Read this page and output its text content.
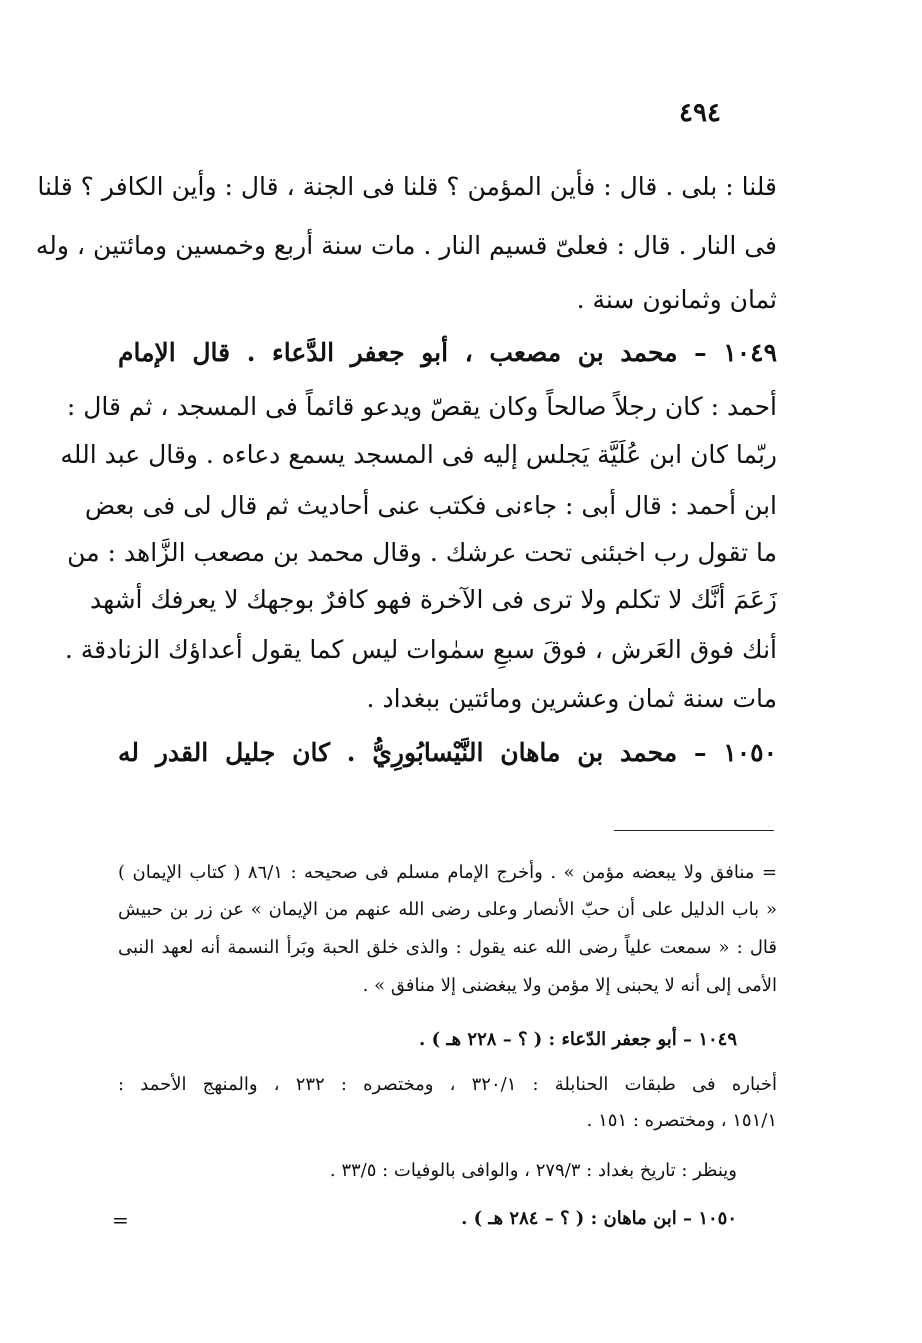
٤٩٤
قلنا : بلى . قال : فأين المؤمن ؟ قلنا فى الجنة ، قال : وأين الكافر ؟ قلنا
فى النار . قال : فعلىّ قسيم النار . مات سنة أربع وخمسين ومائتين ، وله
ثمان وثمانون سنة .
١٠٤٩ – محمد بن مصعب ، أبو جعفر الدَّعاء . قال الإمام
أحمد : كان رجلاً صالحاً وكان يقصّ ويدعو قائماً فى المسجد ، ثم قال :
ربّما كان ابن عُلَيَّة يَجلس إليه فى المسجد يسمع دعاءه . وقال عبد الله
ابن أحمد : قال أبى : جاءنى فكتب عنى أحاديث ثم قال لى فى بعض
ما تقول رب اخبئنى تحت عرشك . وقال محمد بن مصعب الزَّاهد : من
زَعَمَ أنَّك لا تكلم ولا ترى فى الآخرة فهو كافرٌ بوجهك لا يعرفك أشهد
أنك فوق العَرش ، فوقَ سبعِ سمٰوات ليس كما يقول أعداؤك الزنادقة .
مات سنة ثمان وعشرين ومائتين ببغداد .
١٠٥٠ – محمد بن ماهان النَّيْسابُورِيُّ . كان جليل القدر له
= منافق ولا يبعضه مؤمن » . وأخرج الإمام مسلم فى صحيحه : ٨٦/١ ( كتاب الإيمان )
« باب الدليل على أن حبّ الأنصار وعلى رضى الله عنهم من الإيمان » عن زر بن حبيش
قال : « سمعت علياً رضى الله عنه يقول : والذى خلق الحبة وبَرأ النسمة أنه لعهد النبى
الأمى إلى أنه لا يحبنى إلا مؤمن ولا يبغضنى إلا منافق » .
١٠٤٩ – أبو جعفر الدّعاء : ( ؟ – ٢٢٨ هـ ) .
أخباره فى طبقات الحنابلة : ٣٢٠/١ ، ومختصره : ٢٣٢ ، والمنهج الأحمد :
١٥١/١ ، ومختصره : ١٥١ .
وينظر : تاريخ بغداد : ٢٧٩/٣ ، والوافى بالوفيات : ٣٣/٥ .
١٠٥٠ – ابن ماهان : ( ؟ – ٢٨٤ هـ ) .
=
